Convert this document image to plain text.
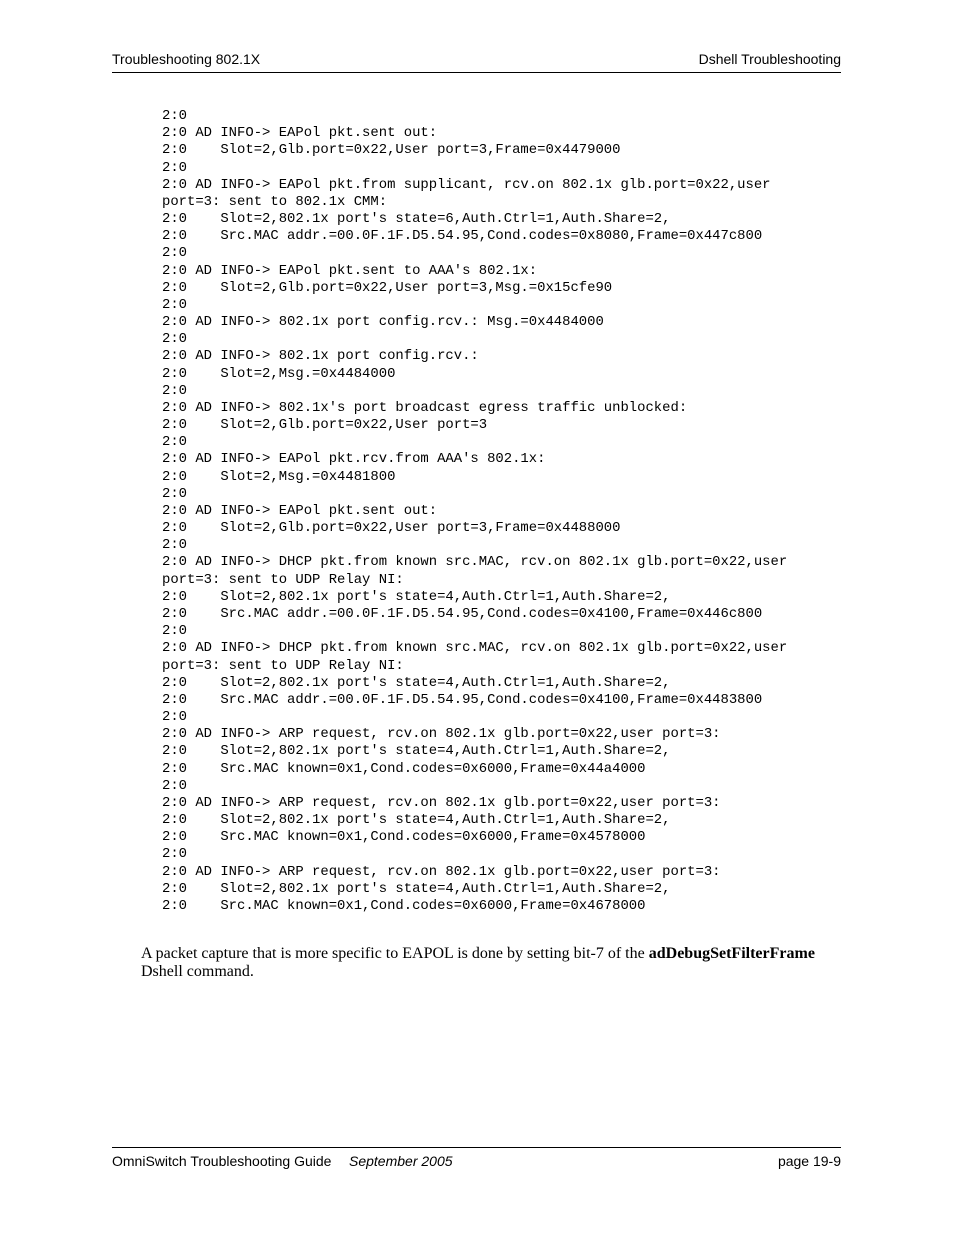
Troubleshooting 802.1X	Dshell Troubleshooting
2:0
2:0 AD INFO-> EAPol pkt.sent out:
2:0    Slot=2,Glb.port=0x22,User port=3,Frame=0x4479000
2:0
2:0 AD INFO-> EAPol pkt.from supplicant, rcv.on 802.1x glb.port=0x22,user
port=3: sent to 802.1x CMM:
2:0    Slot=2,802.1x port's state=6,Auth.Ctrl=1,Auth.Share=2,
2:0    Src.MAC addr.=00.0F.1F.D5.54.95,Cond.codes=0x8080,Frame=0x447c800
2:0
2:0 AD INFO-> EAPol pkt.sent to AAA's 802.1x:
2:0    Slot=2,Glb.port=0x22,User port=3,Msg.=0x15cfe90
2:0
2:0 AD INFO-> 802.1x port config.rcv.: Msg.=0x4484000
2:0
2:0 AD INFO-> 802.1x port config.rcv.:
2:0    Slot=2,Msg.=0x4484000
2:0
2:0 AD INFO-> 802.1x's port broadcast egress traffic unblocked:
2:0    Slot=2,Glb.port=0x22,User port=3
2:0
2:0 AD INFO-> EAPol pkt.rcv.from AAA's 802.1x:
2:0    Slot=2,Msg.=0x4481800
2:0
2:0 AD INFO-> EAPol pkt.sent out:
2:0    Slot=2,Glb.port=0x22,User port=3,Frame=0x4488000
2:0
2:0 AD INFO-> DHCP pkt.from known src.MAC, rcv.on 802.1x glb.port=0x22,user
port=3: sent to UDP Relay NI:
2:0    Slot=2,802.1x port's state=4,Auth.Ctrl=1,Auth.Share=2,
2:0    Src.MAC addr.=00.0F.1F.D5.54.95,Cond.codes=0x4100,Frame=0x446c800
2:0
2:0 AD INFO-> DHCP pkt.from known src.MAC, rcv.on 802.1x glb.port=0x22,user
port=3: sent to UDP Relay NI:
2:0    Slot=2,802.1x port's state=4,Auth.Ctrl=1,Auth.Share=2,
2:0    Src.MAC addr.=00.0F.1F.D5.54.95,Cond.codes=0x4100,Frame=0x4483800
2:0
2:0 AD INFO-> ARP request, rcv.on 802.1x glb.port=0x22,user port=3:
2:0    Slot=2,802.1x port's state=4,Auth.Ctrl=1,Auth.Share=2,
2:0    Src.MAC known=0x1,Cond.codes=0x6000,Frame=0x44a4000
2:0
2:0 AD INFO-> ARP request, rcv.on 802.1x glb.port=0x22,user port=3:
2:0    Slot=2,802.1x port's state=4,Auth.Ctrl=1,Auth.Share=2,
2:0    Src.MAC known=0x1,Cond.codes=0x6000,Frame=0x4578000
2:0
2:0 AD INFO-> ARP request, rcv.on 802.1x glb.port=0x22,user port=3:
2:0    Slot=2,802.1x port's state=4,Auth.Ctrl=1,Auth.Share=2,
2:0    Src.MAC known=0x1,Cond.codes=0x6000,Frame=0x4678000

A packet capture that is more specific to EAPOL is done by setting bit-7 of the adDebugSetFilterFrame Dshell command.

OmniSwitch Troubleshooting Guide September 2005	page 19-9
